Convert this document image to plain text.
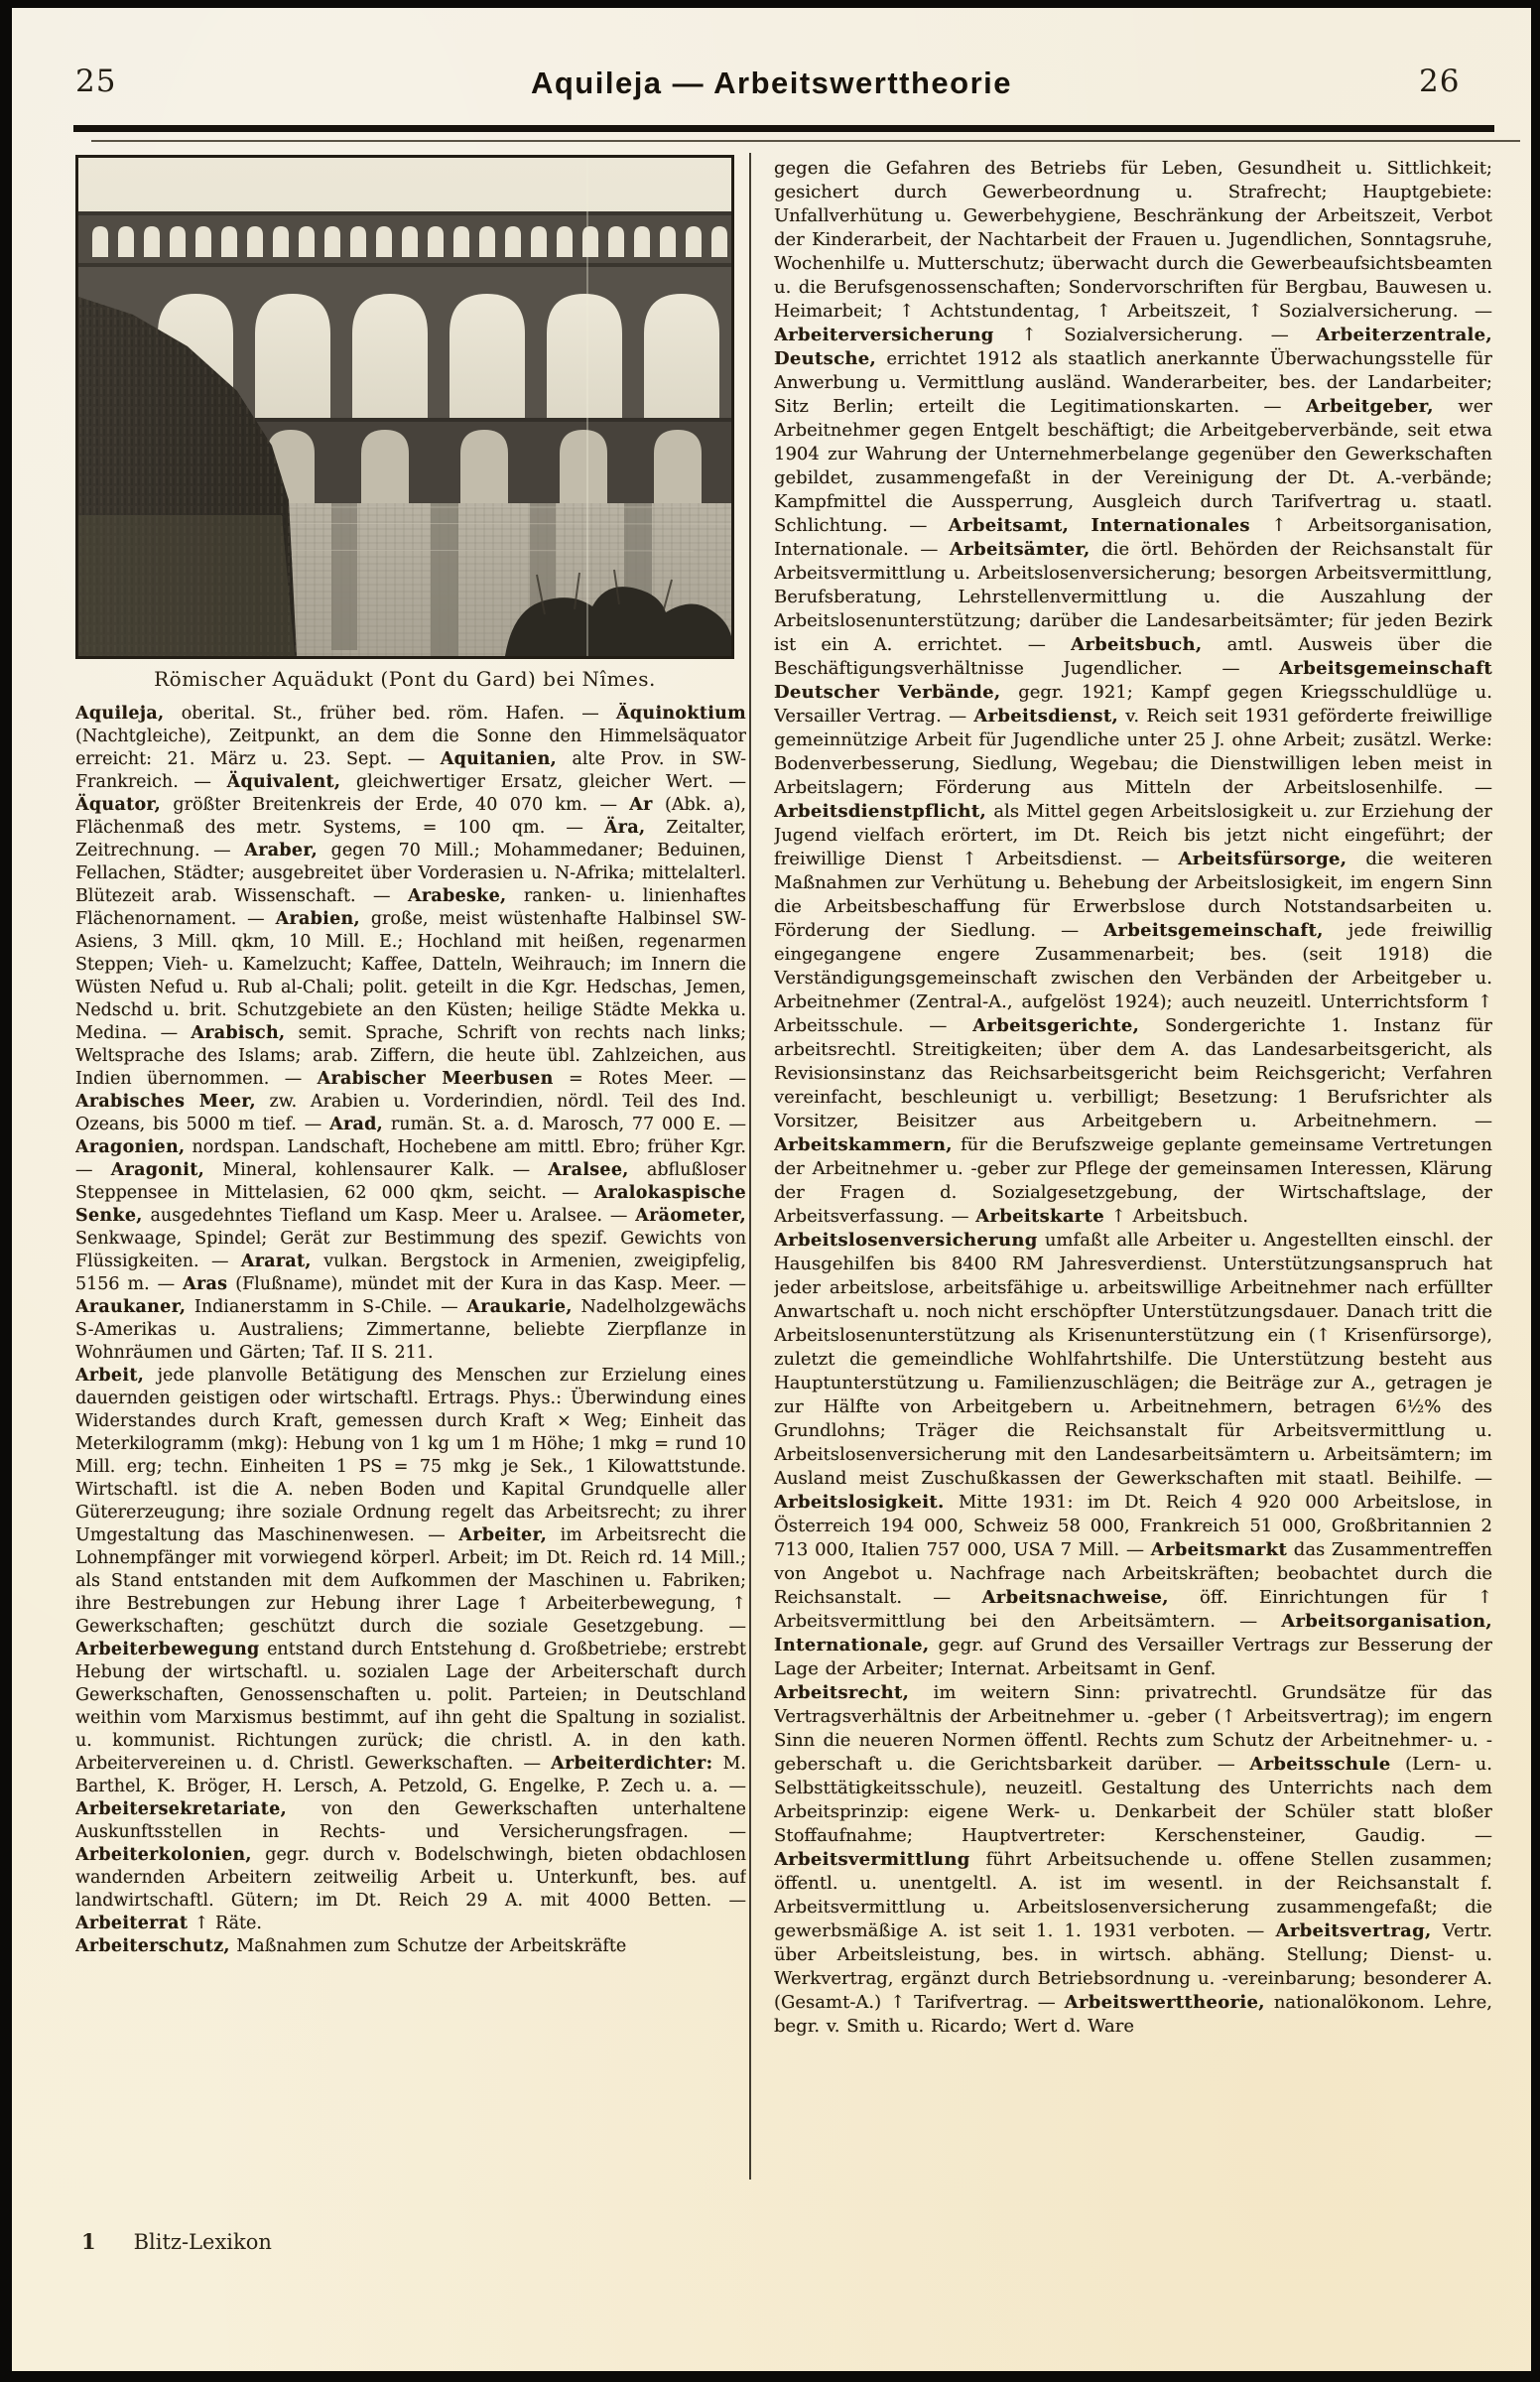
25	Aquileja — Arbeitswerttheorie	26
Römischer Aquädukt (Pont du Gard) bei Nîmes.

Aquileja, oberital. St., früher bed. röm. Hafen. — Äquinoktium (Nachtgleiche), Zeitpunkt, an dem die Sonne den Himmelsäquator erreicht: 21. März u. 23. Sept. — Aquitanien, alte Prov. in SW-Frankreich. — Äquivalent, gleichwertiger Ersatz, gleicher Wert. — Äquator, größter Breitenkreis der Erde, 40 070 km. — Ar (Abk. a), Flächenmaß des metr. Systems, = 100 qm. — Ära, Zeitalter, Zeitrechnung. — Araber, gegen 70 Mill.; Mohammedaner; Beduinen, Fellachen, Städter; ausgebreitet über Vorderasien u. N-Afrika; mittelalterl. Blütezeit arab. Wissenschaft. — Arabeske, ranken- u. linienhaftes Flächenornament. — Arabien, große, meist wüstenhafte Halbinsel SW-Asiens, 3 Mill. qkm, 10 Mill. E.; Hochland mit heißen, regenarmen Steppen; Vieh- u. Kamelzucht; Kaffee, Datteln, Weihrauch; im Innern die Wüsten Nefud u. Rub al-Chali; polit. geteilt in die Kgr. Hedschas, Jemen, Nedschd u. brit. Schutzgebiete an den Küsten; heilige Städte Mekka u. Medina. — Arabisch, semit. Sprache, Schrift von rechts nach links; Weltsprache des Islams; arab. Ziffern, die heute übl. Zahlzeichen, aus Indien übernommen. — Arabischer Meerbusen = Rotes Meer. — Arabisches Meer, zw. Arabien u. Vorderindien, nördl. Teil des Ind. Ozeans, bis 5000 m tief. — Arad, rumän. St. a. d. Marosch, 77 000 E. — Aragonien, nordspan. Landschaft, Hochebene am mittl. Ebro; früher Kgr. — Aragonit, Mineral, kohlensaurer Kalk. — Aralsee, abflußloser Steppensee in Mittelasien, 62 000 qkm, seicht. — Aralokaspische Senke, ausgedehntes Tiefland um Kasp. Meer u. Aralsee. — Aräometer, Senkwaage, Spindel; Gerät zur Bestimmung des spezif. Gewichts von Flüssigkeiten. — Ararat, vulkan. Bergstock in Armenien, zweigipfelig, 5156 m. — Aras (Flußname), mündet mit der Kura in das Kasp. Meer. — Araukaner, Indianerstamm in S-Chile. — Araukarie, Nadelholzgewächs S-Amerikas u. Australiens; Zimmertanne, beliebte Zierpflanze in Wohnräumen und Gärten; Taf. II S. 211.

Arbeit, jede planvolle Betätigung des Menschen zur Erzielung eines dauernden geistigen oder wirtschaftl. Ertrags. Phys.: Überwindung eines Widerstandes durch Kraft, gemessen durch Kraft × Weg; Einheit das Meterkilogramm (mkg): Hebung von 1 kg um 1 m Höhe; 1 mkg = rund 10 Mill. erg; techn. Einheiten 1 PS = 75 mkg je Sek., 1 Kilowattstunde. Wirtschaftl. ist die A. neben Boden und Kapital Grundquelle aller Gütererzeugung; ihre soziale Ordnung regelt das Arbeitsrecht; zu ihrer Umgestaltung das Maschinenwesen. — Arbeiter, im Arbeitsrecht die Lohnempfänger mit vorwiegend körperl. Arbeit; im Dt. Reich rd. 14 Mill.; als Stand entstanden mit dem Aufkommen der Maschinen u. Fabriken; ihre Bestrebungen zur Hebung ihrer Lage ↑ Arbeiterbewegung, ↑ Gewerkschaften; geschützt durch die soziale Gesetzgebung. — Arbeiterbewegung entstand durch Entstehung d. Großbetriebe; erstrebt Hebung der wirtschaftl. u. sozialen Lage der Arbeiterschaft durch Gewerkschaften, Genossenschaften u. polit. Parteien; in Deutschland weithin vom Marxismus bestimmt, auf ihn geht die Spaltung in sozialist. u. kommunist. Richtungen zurück; die christl. A. in den kath. Arbeitervereinen u. d. Christl. Gewerkschaften. — Arbeiterdichter: M. Barthel, K. Bröger, H. Lersch, A. Petzold, G. Engelke, P. Zech u. a. — Arbeitersekretariate, von den Gewerkschaften unterhaltene Auskunftsstellen in Rechts- und Versicherungsfragen. — Arbeiterkolonien, gegr. durch v. Bodelschwingh, bieten obdachlosen wandernden Arbeitern zeitweilig Arbeit u. Unterkunft, bes. auf landwirtschaftl. Gütern; im Dt. Reich 29 A. mit 4000 Betten. — Arbeiterrat ↑ Räte.

Arbeiterschutz, Maßnahmen zum Schutze der Arbeitskräfte

gegen die Gefahren des Betriebs für Leben, Gesundheit u. Sittlichkeit; gesichert durch Gewerbeordnung u. Strafrecht; Hauptgebiete: Unfallverhütung u. Gewerbehygiene, Beschränkung der Arbeitszeit, Verbot der Kinderarbeit, der Nachtarbeit der Frauen u. Jugendlichen, Sonntagsruhe, Wochenhilfe u. Mutterschutz; überwacht durch die Gewerbeaufsichtsbeamten u. die Berufsgenossenschaften; Sondervorschriften für Bergbau, Bauwesen u. Heimarbeit; ↑ Achtstundentag, ↑ Arbeitszeit, ↑ Sozialversicherung. — Arbeiterversicherung ↑ Sozialversicherung. — Arbeiterzentrale, Deutsche, errichtet 1912 als staatlich anerkannte Überwachungsstelle für Anwerbung u. Vermittlung ausländ. Wanderarbeiter, bes. der Landarbeiter; Sitz Berlin; erteilt die Legitimationskarten. — Arbeitgeber, wer Arbeitnehmer gegen Entgelt beschäftigt; die Arbeitgeberverbände, seit etwa 1904 zur Wahrung der Unternehmerbelange gegenüber den Gewerkschaften gebildet, zusammengefaßt in der Vereinigung der Dt. A.-verbände; Kampfmittel die Aussperrung, Ausgleich durch Tarifvertrag u. staatl. Schlichtung. — Arbeitsamt, Internationales ↑ Arbeitsorganisation, Internationale. — Arbeitsämter, die örtl. Behörden der Reichsanstalt für Arbeitsvermittlung u. Arbeitslosenversicherung; besorgen Arbeitsvermittlung, Berufsberatung, Lehrstellenvermittlung u. die Auszahlung der Arbeitslosenunterstützung; darüber die Landesarbeitsämter; für jeden Bezirk ist ein A. errichtet. — Arbeitsbuch, amtl. Ausweis über die Beschäftigungsverhältnisse Jugendlicher. — Arbeitsgemeinschaft Deutscher Verbände, gegr. 1921; Kampf gegen Kriegsschuldlüge u. Versailler Vertrag. — Arbeitsdienst, v. Reich seit 1931 geförderte freiwillige gemeinnützige Arbeit für Jugendliche unter 25 J. ohne Arbeit; zusätzl. Werke: Bodenverbesserung, Siedlung, Wegebau; die Dienstwilligen leben meist in Arbeitslagern; Förderung aus Mitteln der Arbeitslosenhilfe. — Arbeitsdienstpflicht, als Mittel gegen Arbeitslosigkeit u. zur Erziehung der Jugend vielfach erörtert, im Dt. Reich bis jetzt nicht eingeführt; der freiwillige Dienst ↑ Arbeitsdienst. — Arbeitsfürsorge, die weiteren Maßnahmen zur Verhütung u. Behebung der Arbeitslosigkeit, im engern Sinn die Arbeitsbeschaffung für Erwerbslose durch Notstandsarbeiten u. Förderung der Siedlung. — Arbeitsgemeinschaft, jede freiwillig eingegangene engere Zusammenarbeit; bes. (seit 1918) die Verständigungsgemeinschaft zwischen den Verbänden der Arbeitgeber u. Arbeitnehmer (Zentral-A., aufgelöst 1924); auch neuzeitl. Unterrichtsform ↑ Arbeitsschule. — Arbeitsgerichte, Sondergerichte 1. Instanz für arbeitsrechtl. Streitigkeiten; über dem A. das Landesarbeitsgericht, als Revisionsinstanz das Reichsarbeitsgericht beim Reichsgericht; Verfahren vereinfacht, beschleunigt u. verbilligt; Besetzung: 1 Berufsrichter als Vorsitzer, Beisitzer aus Arbeitgebern u. Arbeitnehmern. — Arbeitskammern, für die Berufszweige geplante gemeinsame Vertretungen der Arbeitnehmer u. -geber zur Pflege der gemeinsamen Interessen, Klärung der Fragen d. Sozialgesetzgebung, der Wirtschaftslage, der Arbeitsverfassung. — Arbeitskarte ↑ Arbeitsbuch.

Arbeitslosenversicherung umfaßt alle Arbeiter u. Angestellten einschl. der Hausgehilfen bis 8400 RM Jahresverdienst. Unterstützungsanspruch hat jeder arbeitslose, arbeitsfähige u. arbeitswillige Arbeitnehmer nach erfüllter Anwartschaft u. noch nicht erschöpfter Unterstützungsdauer. Danach tritt die Arbeitslosenunterstützung als Krisenunterstützung ein (↑ Krisenfürsorge), zuletzt die gemeindliche Wohlfahrtshilfe. Die Unterstützung besteht aus Hauptunterstützung u. Familienzuschlägen; die Beiträge zur A., getragen je zur Hälfte von Arbeitgebern u. Arbeitnehmern, betragen 6½% des Grundlohns; Träger die Reichsanstalt für Arbeitsvermittlung u. Arbeitslosenversicherung mit den Landesarbeitsämtern u. Arbeitsämtern; im Ausland meist Zuschußkassen der Gewerkschaften mit staatl. Beihilfe. — Arbeitslosigkeit. Mitte 1931: im Dt. Reich 4 920 000 Arbeitslose, in Österreich 194 000, Schweiz 58 000, Frankreich 51 000, Großbritannien 2 713 000, Italien 757 000, USA 7 Mill. — Arbeitsmarkt das Zusammentreffen von Angebot u. Nachfrage nach Arbeitskräften; beobachtet durch die Reichsanstalt. — Arbeitsnachweise, öff. Einrichtungen für ↑ Arbeitsvermittlung bei den Arbeitsämtern. — Arbeitsorganisation, Internationale, gegr. auf Grund des Versailler Vertrags zur Besserung der Lage der Arbeiter; Internat. Arbeitsamt in Genf.

Arbeitsrecht, im weitern Sinn: privatrechtl. Grundsätze für das Vertragsverhältnis der Arbeitnehmer u. -geber (↑ Arbeitsvertrag); im engern Sinn die neueren Normen öffentl. Rechts zum Schutz der Arbeitnehmer- u. -geberschaft u. die Gerichtsbarkeit darüber. — Arbeitsschule (Lern- u. Selbsttätigkeitsschule), neuzeitl. Gestaltung des Unterrichts nach dem Arbeitsprinzip: eigene Werk- u. Denkarbeit der Schüler statt bloßer Stoffaufnahme; Hauptvertreter: Kerschensteiner, Gaudig. — Arbeitsvermittlung führt Arbeitsuchende u. offene Stellen zusammen; öffentl. u. unentgeltl. A. ist im wesentl. in der Reichsanstalt f. Arbeitsvermittlung u. Arbeitslosenversicherung zusammengefaßt; die gewerbsmäßige A. ist seit 1. 1. 1931 verboten. — Arbeitsvertrag, Vertr. über Arbeitsleistung, bes. in wirtsch. abhäng. Stellung; Dienst- u. Werkvertrag, ergänzt durch Betriebsordnung u. -vereinbarung; besonderer A. (Gesamt-A.) ↑ Tarifvertrag. — Arbeitswerttheorie, nationalökonom. Lehre, begr. v. Smith u. Ricardo; Wert d. Ware

1 Blitz-Lexikon
